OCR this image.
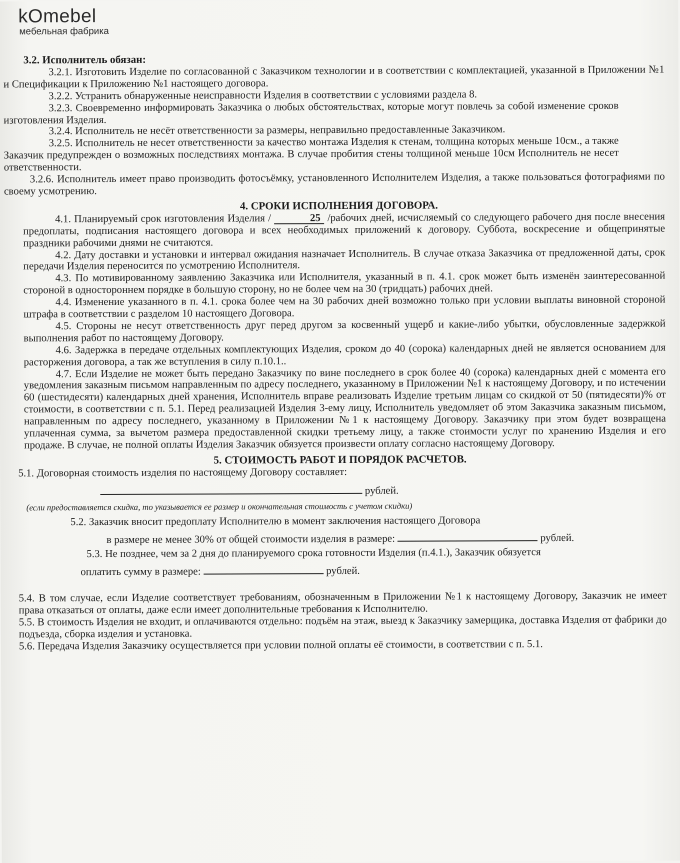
kOmebel
мебельная фабрика

3.2. Исполнитель обязан:

3.2.1. Изготовить Изделие по согласованной с Заказчиком технологии и в соответствии с комплектацией, указанной в Приложении №1 и Спецификации к Приложению №1 настоящего договора.

3.2.2. Устранить обнаруженные неисправности Изделия в соответствии с условиями раздела 8.

3.2.3. Своевременно информировать Заказчика о любых обстоятельствах, которые могут повлечь за собой изменение сроков изготовления Изделия.

3.2.4. Исполнитель не несёт ответственности за размеры, неправильно предоставленные Заказчиком.

3.2.5. Исполнитель не несет ответственности за качество монтажа Изделия к стенам, толщина которых меньше 10см., а также Заказчик предупрежден о возможных последствиях монтажа. В случае пробития стены толщиной меньше 10см Исполнитель не несет ответственности.

3.2.6. Исполнитель имеет право производить фотосъёмку, установленного Исполнителем Изделия, а также пользоваться фотографиями по своему усмотрению.

4. СРОКИ ИСПОЛНЕНИЯ ДОГОВОРА.

4.1. Планируемый срок изготовления Изделия /	25 /рабочих дней, исчисляемый со следующего рабочего дня после внесения предоплаты, подписания настоящего договора и всех необходимых приложений к договору. Суббота, воскресение и общепринятые праздники рабочими днями не считаются.

4.2. Дату доставки и установки и интервал ожидания назначает Исполнитель. В случае отказа Заказчика от предложенной даты, срок передачи Изделия переносится по усмотрению Исполнителя.

4.3. По мотивированному заявлению Заказчика или Исполнителя, указанный в п. 4.1. срок может быть изменён заинтересованной стороной в одностороннем порядке в большую сторону, но не более чем на 30 (тридцать) рабочих дней.

4.4. Изменение указанного в п. 4.1. срока более чем на 30 рабочих дней возможно только при условии выплаты виновной стороной штрафа в соответствии с разделом 10 настоящего Договора.

4.5. Стороны не несут ответственность друг перед другом за косвенный ущерб и какие-либо убытки, обусловленные задержкой выполнения работ по настоящему Договору.

4.6. Задержка в передаче отдельных комплектующих Изделия, сроком до 40 (сорока) календарных дней не является основанием для расторжения договора, а так же вступления в силу п.10.1..

4.7. Если Изделие не может быть передано Заказчику по вине последнего в срок более 40 (сорока) календарных дней с момента его уведомления заказным письмом направленным по адресу последнего, указанному в Приложении №1 к настоящему Договору, и по истечении 60 (шестидесяти) календарных дней хранения, Исполнитель вправе реализовать Изделие третьим лицам со скидкой от 50 (пятидесяти)% от стоимости, в соответствии с п. 5.1. Перед реализацией Изделия 3-ему лицу, Исполнитель уведомляет об этом Заказчика заказным письмом, направленным по адресу последнего, указанному в Приложении №1 к настоящему Договору. Заказчику при этом будет возвращена уплаченная сумма, за вычетом размера предоставленной скидки третьему лицу, а также стоимости услуг по хранению Изделия и его продаже. В случае, не полной оплаты Изделия Заказчик обязуется произвести оплату согласно настоящему Договору.

5. СТОИМОСТЬ РАБОТ И ПОРЯДОК РАСЧЕТОВ.

5.1. Договорная стоимость изделия по настоящему Договору составляет:

рублей.

(если предоставляется скидка, то указывается ее размер и окончательная стоимость с учетом скидки)

5.2. Заказчик вносит предоплату Исполнителю в момент заключения настоящего Договора

в размере не менее 30% от общей стоимости изделия в размере:	рублей.

5.3. Не позднее, чем за 2 дня до планируемого срока готовности Изделия (п.4.1.), Заказчик обязуется

оплатить сумму в размере:	рублей.

5.4. В том случае, если Изделие соответствует требованиям, обозначенным в Приложении №1 к настоящему Договору, Заказчик не имеет права отказаться от оплаты, даже если имеет дополнительные требования к Исполнителю.

5.5. В стоимость Изделия не входит, и оплачиваются отдельно: подъём на этаж, выезд к Заказчику замерщика, доставка Изделия от фабрики до подъезда, сборка изделия и установка.

5.6. Передача Изделия Заказчику осуществляется при условии полной оплаты её стоимости, в соответствии с п. 5.1.
